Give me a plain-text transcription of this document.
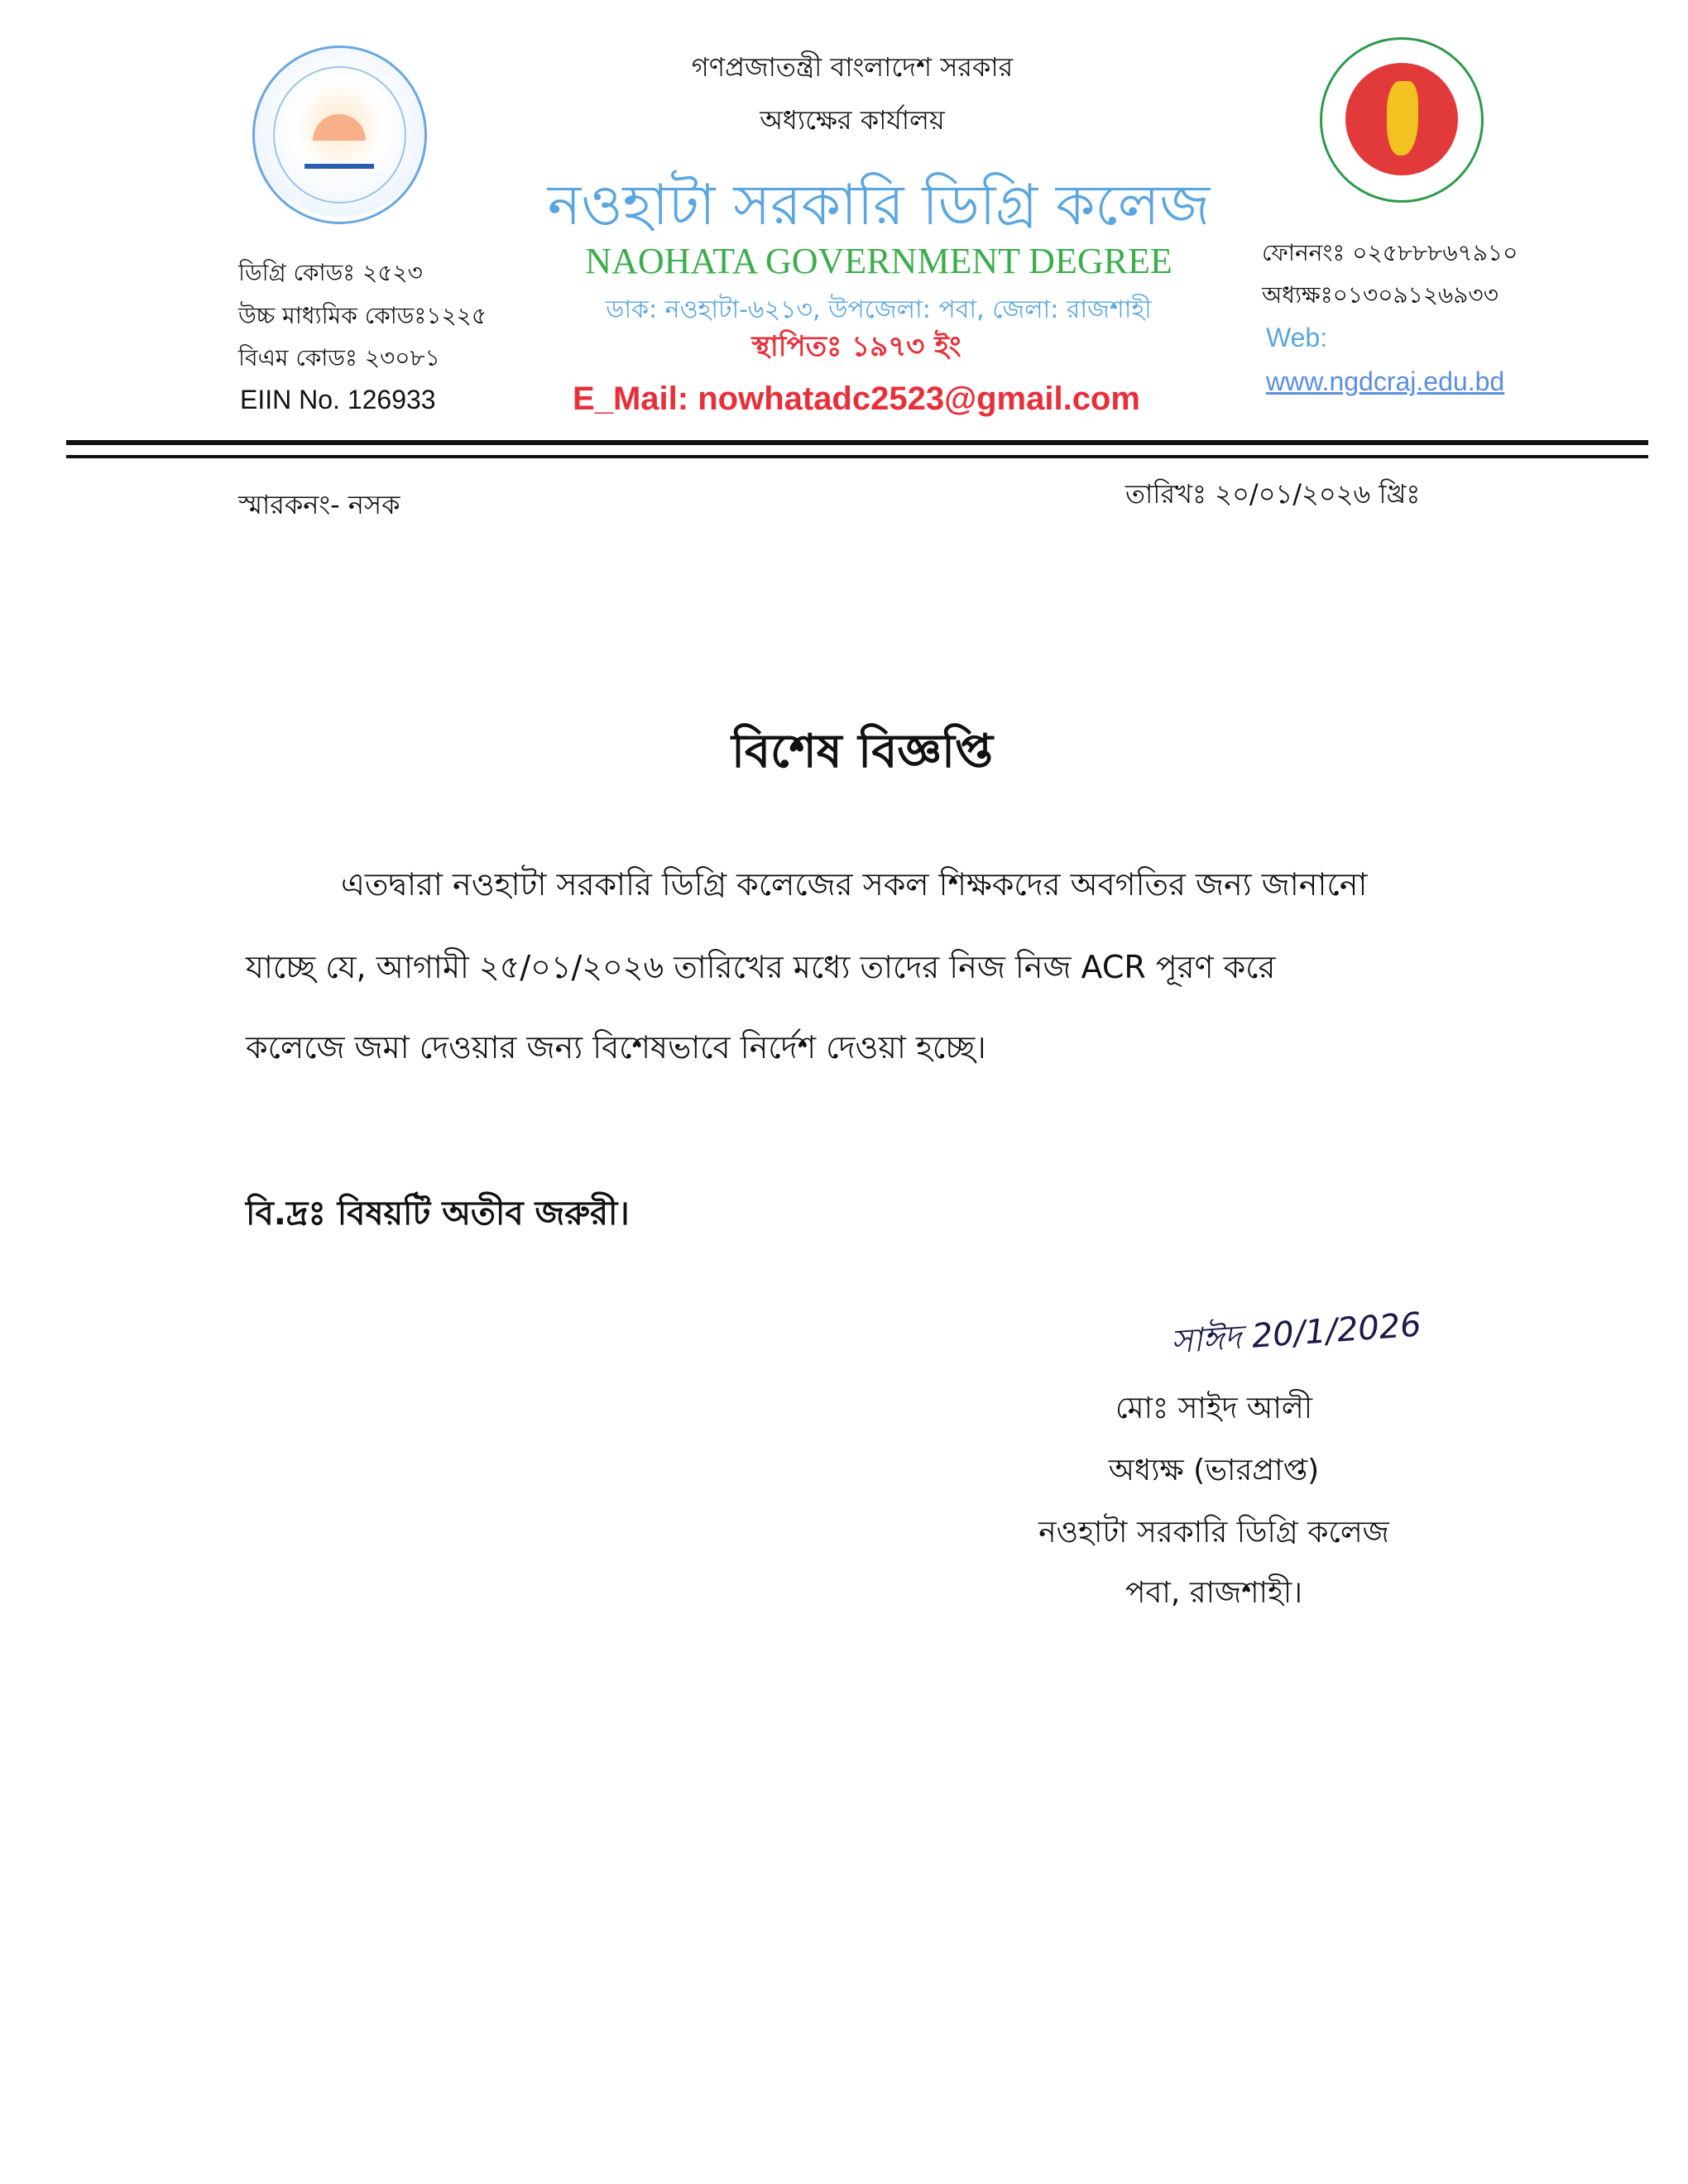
গণপ্রজাতন্ত্রী বাংলাদেশ সরকার
অধ্যক্ষের কার্যালয়
নওহাটা সরকারি ডিগ্রি কলেজ
NAOHATA GOVERNMENT DEGREE
ডাক: নওহাটা-৬২১৩, উপজেলা: পবা, জেলা: রাজশাহী
স্থাপিতঃ ১৯৭৩ ইং
E_Mail: nowhatadc2523@gmail.com
ডিগ্রি কোডঃ ২৫২৩
উচ্চ মাধ্যমিক কোডঃ১২২৫
বিএম কোডঃ ২৩০৮১
EIIN No. 126933
ফোননংঃ ০২৫৮৮৮৬৭৯১০
অধ্যক্ষঃ০১৩০৯১২৬৯৩৩
Web:
www.ngdcraj.edu.bd
স্মারকনং- নসক	তারিখঃ ২০/০১/২০২৬ খ্রিঃ
বিশেষ বিজ্ঞপ্তি
এতদ্বারা নওহাটা সরকারি ডিগ্রি কলেজের সকল শিক্ষকদের অবগতির জন্য জানানো
যাচ্ছে যে, আগামী ২৫/০১/২০২৬ তারিখের মধ্যে তাদের নিজ নিজ ACR পূরণ করে
কলেজে জমা দেওয়ার জন্য বিশেষভাবে নির্দেশ দেওয়া হচ্ছে।
বি.দ্রঃ বিষয়টি অতীব জরুরী।
সাঈদ 20/1/2026
মোঃ সাইদ আলী
অধ্যক্ষ (ভারপ্রাপ্ত)
নওহাটা সরকারি ডিগ্রি কলেজ
পবা, রাজশাহী।
